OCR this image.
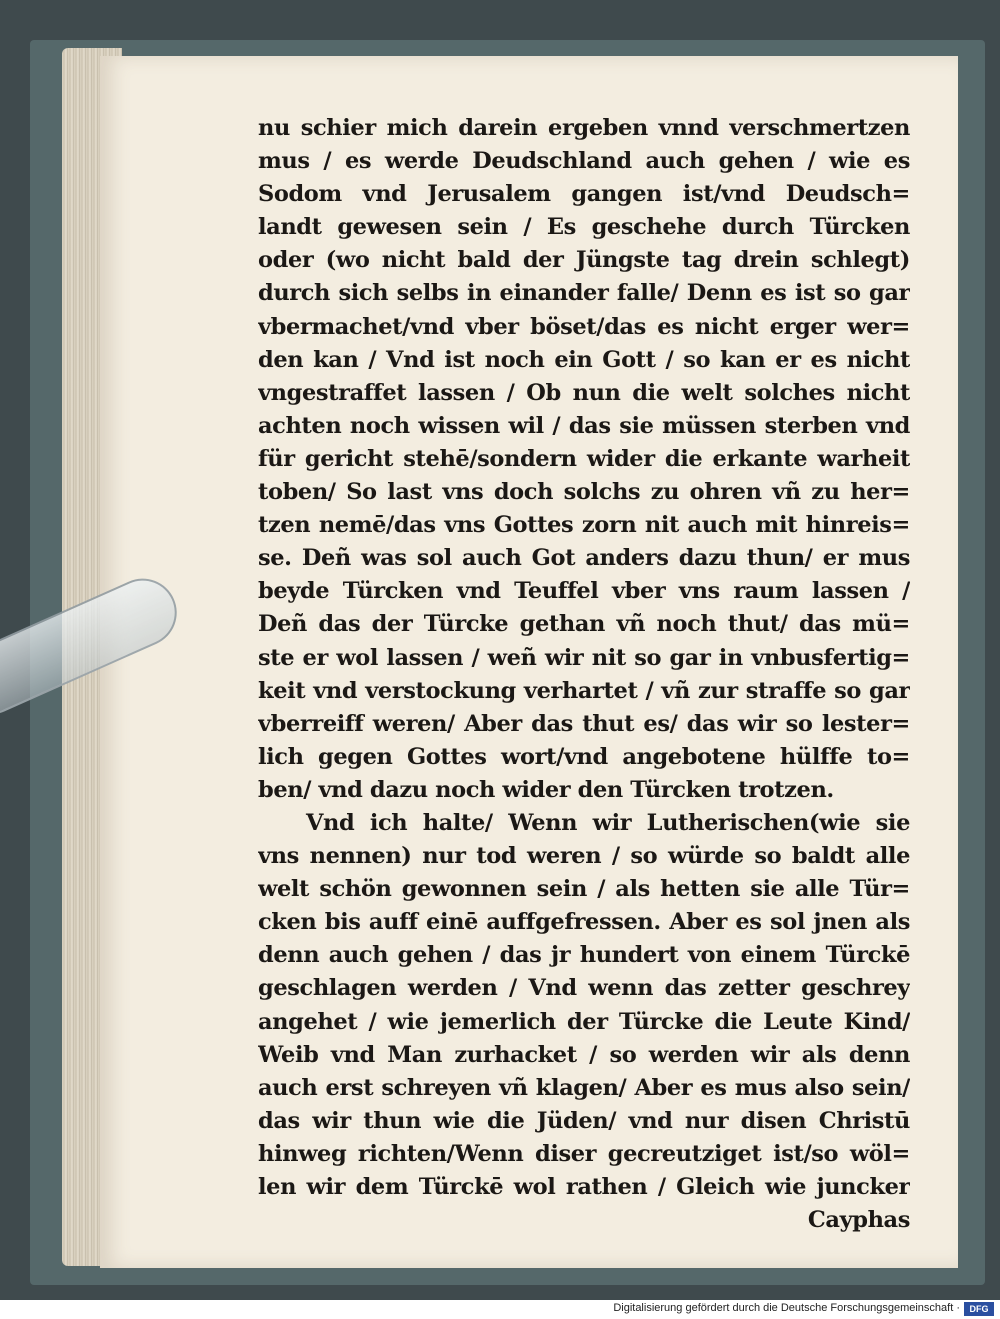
nu schier mich darein ergeben vnnd verschmertzen
mus / es werde Deudschland auch gehen / wie es
Sodom vnd Jerusalem gangen ist/vnd Deudsch=
landt gewesen sein / Es geschehe durch Türcken
oder (wo nicht bald der Jüngste tag drein schlegt)
durch sich selbs in einander falle/ Denn es ist so gar
vbermachet/vnd vber böset/das es nicht erger wer=
den kan / Vnd ist noch ein Gott / so kan er es nicht
vngestraffet lassen / Ob nun die welt solches nicht
achten noch wissen wil / das sie müssen sterben vnd
für gericht stehē/sondern wider die erkante warheit
toben/ So last vns doch solchs zu ohren vñ zu her=
tzen nemē/das vns Gottes zorn nit auch mit hinreis=
se. Deñ was sol auch Got anders dazu thun/ er mus
beyde Türcken vnd Teuffel vber vns raum lassen /
Deñ das der Türcke gethan vñ noch thut/ das mü=
ste er wol lassen / weñ wir nit so gar in vnbusfertig=
keit vnd verstockung verhartet / vñ zur straffe so gar
vberreiff weren/ Aber das thut es/ das wir so lester=
lich gegen Gottes wort/vnd angebotene hülffe to=
ben/ vnd dazu noch wider den Türcken trotzen.
Vnd ich halte/ Wenn wir Lutherischen(wie sie
vns nennen) nur tod weren / so würde so baldt alle
welt schön gewonnen sein / als hetten sie alle Tür=
cken bis auff einē auffgefressen. Aber es sol jnen als
denn auch gehen / das jr hundert von einem Türckē
geschlagen werden / Vnd wenn das zetter geschrey
angehet / wie jemerlich der Türcke die Leute Kind/
Weib vnd Man zurhacket / so werden wir als denn
auch erst schreyen vñ klagen/ Aber es mus also sein/
das wir thun wie die Jüden/ vnd nur disen Christū
hinweg richten/Wenn diser gecreutziget ist/so wöl=
len wir dem Türckē wol rathen / Gleich wie juncker
Cayphas
Digitalisierung gefördert durch die Deutsche Forschungsgemeinschaft ·	DFG
